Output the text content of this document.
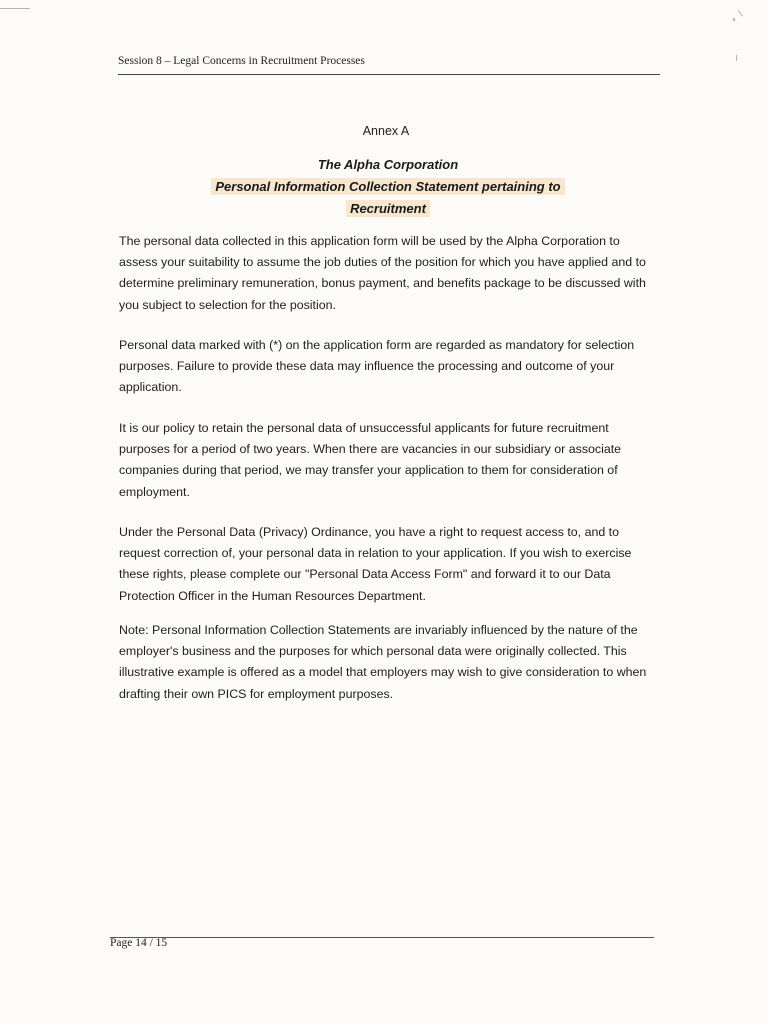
Session 8 – Legal Concerns in Recruitment Processes
Annex A
The Alpha Corporation
Personal Information Collection Statement pertaining to
Recruitment

The personal data collected in this application form will be used by the Alpha Corporation to assess your suitability to assume the job duties of the position for which you have applied and to determine preliminary remuneration, bonus payment, and benefits package to be discussed with you subject to selection for the position.

Personal data marked with (*) on the application form are regarded as mandatory for selection purposes. Failure to provide these data may influence the processing and outcome of your application.

It is our policy to retain the personal data of unsuccessful applicants for future recruitment purposes for a period of two years. When there are vacancies in our subsidiary or associate companies during that period, we may transfer your application to them for consideration of employment.

Under the Personal Data (Privacy) Ordinance, you have a right to request access to, and to request correction of, your personal data in relation to your application. If you wish to exercise these rights, please complete our "Personal Data Access Form" and forward it to our Data Protection Officer in the Human Resources Department.

Note: Personal Information Collection Statements are invariably influenced by the nature of the employer's business and the purposes for which personal data were originally collected. This illustrative example is offered as a model that employers may wish to give consideration to when drafting their own PICS for employment purposes.

Page 14 / 15
